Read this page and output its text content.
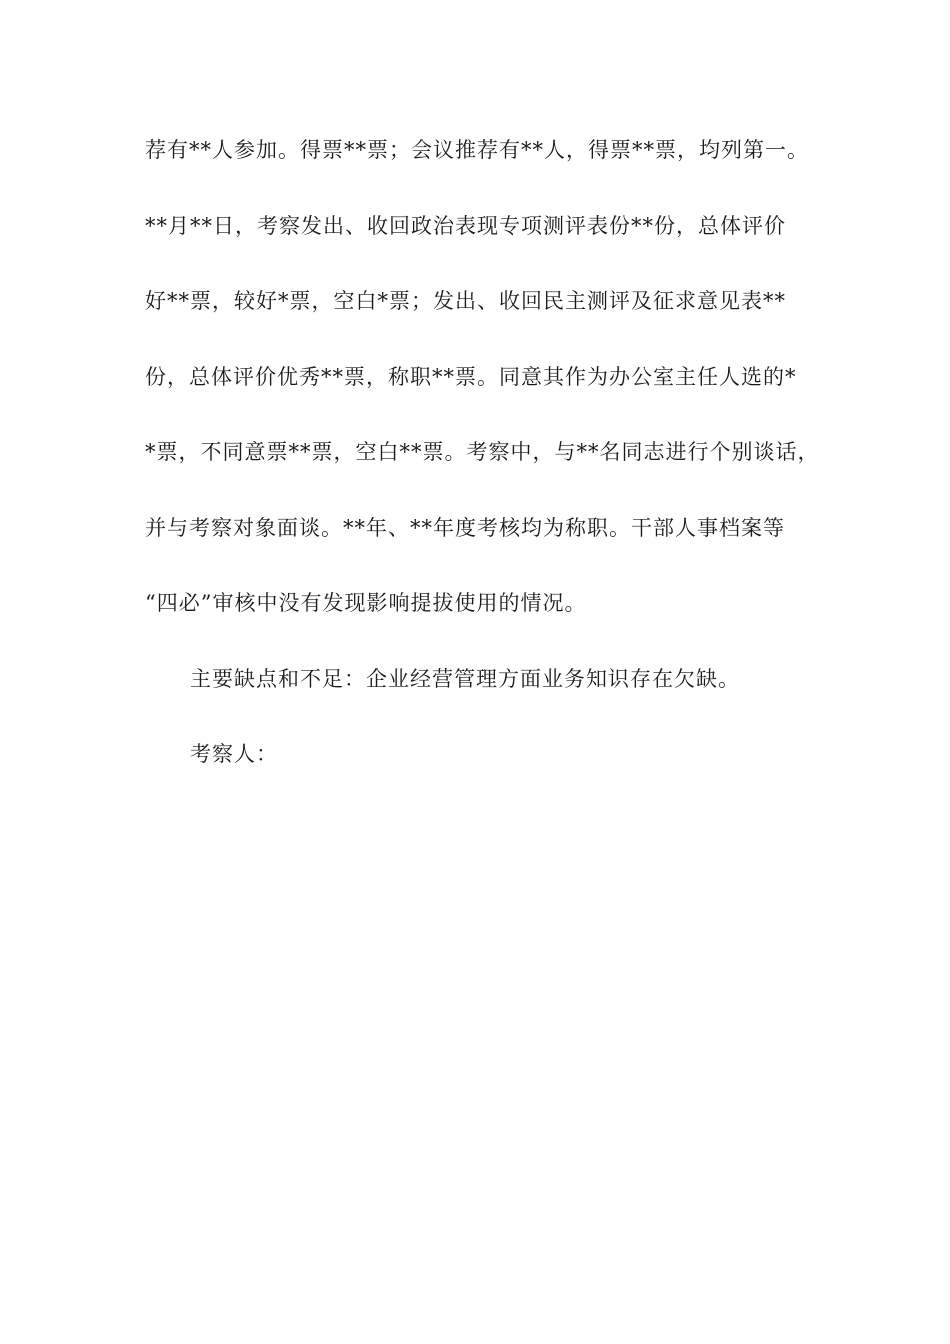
荐有**人参加。得票**票；会议推荐有**人，得票**票，均列第一。
**月**日，考察发出、收回政治表现专项测评表份**份，总体评价
好**票，较好*票，空白*票；发出、收回民主测评及征求意见表**
份，总体评价优秀**票，称职**票。同意其作为办公室主任人选的*
*票，不同意票**票，空白**票。考察中，与**名同志进行个别谈话，
并与考察对象面谈。**年、**年度考核均为称职。干部人事档案等
“四必”审核中没有发现影响提拔使用的情况。
主要缺点和不足：企业经营管理方面业务知识存在欠缺。
考察人：
